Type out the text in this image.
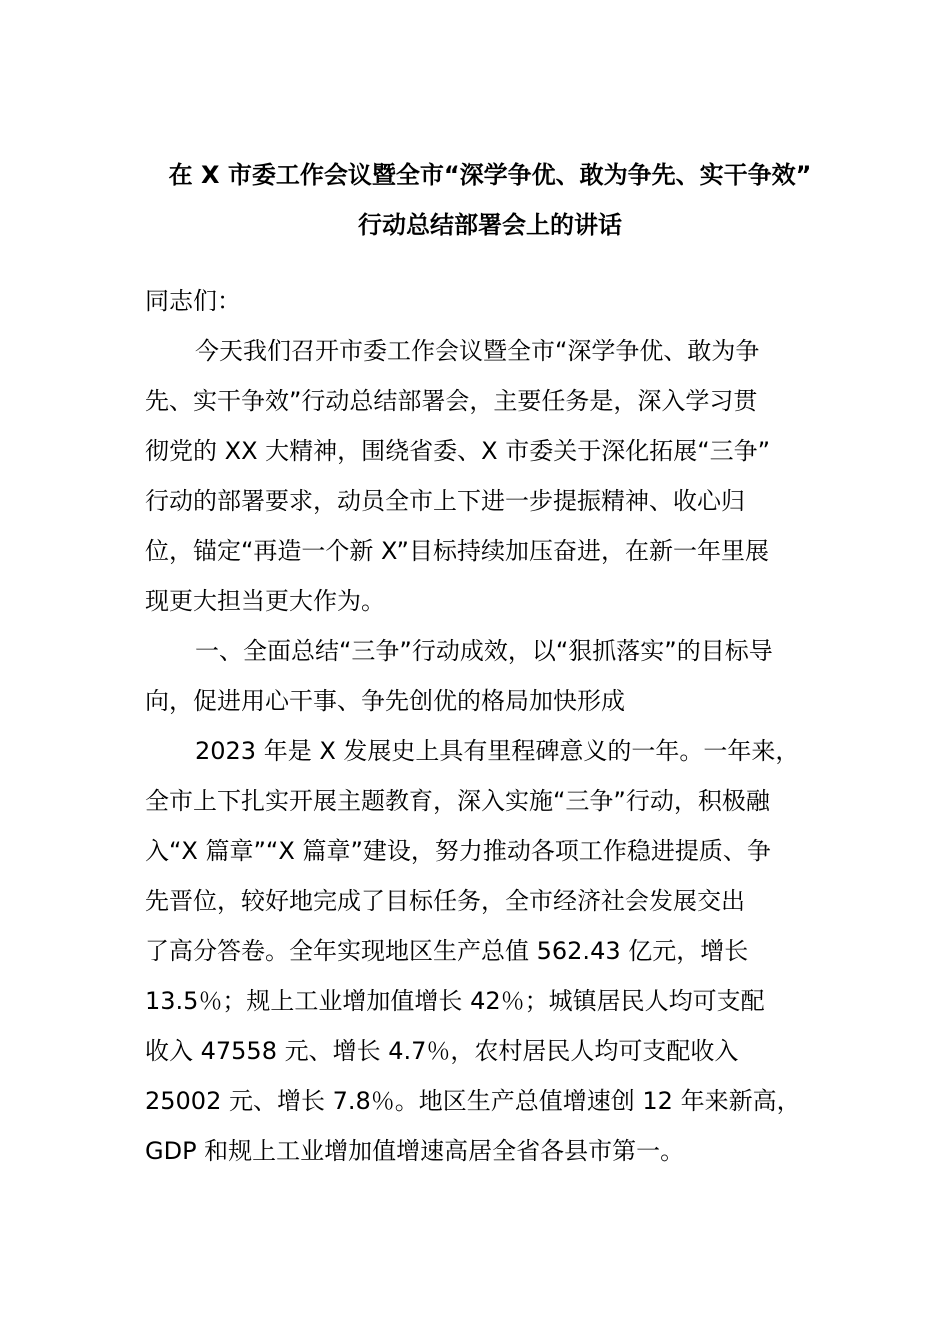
在 X 市委工作会议暨全市“深学争优、敢为争先、实干争效”
行动总结部署会上的讲话

同志们：

今天我们召开市委工作会议暨全市“深学争优、敢为争
先、实干争效”行动总结部署会，主要任务是，深入学习贯
彻党的 XX 大精神，围绕省委、X 市委关于深化拓展“三争”
行动的部署要求，动员全市上下进一步提振精神、收心归
位，锚定“再造一个新 X”目标持续加压奋进，在新一年里展
现更大担当更大作为。

一、全面总结“三争”行动成效，以“狠抓落实”的目标导
向，促进用心干事、争先创优的格局加快形成

2023 年是 X 发展史上具有里程碑意义的一年。一年来，
全市上下扎实开展主题教育，深入实施“三争”行动，积极融
入“X 篇章”“X 篇章”建设，努力推动各项工作稳进提质、争
先晋位，较好地完成了目标任务，全市经济社会发展交出
了高分答卷。全年实现地区生产总值 562.43 亿元，增长
13.5％；规上工业增加值增长 42％；城镇居民人均可支配
收入 47558 元、增长 4.7％，农村居民人均可支配收入
25002 元、增长 7.8％。地区生产总值增速创 12 年来新高，
GDP 和规上工业增加值增速高居全省各县市第一。
